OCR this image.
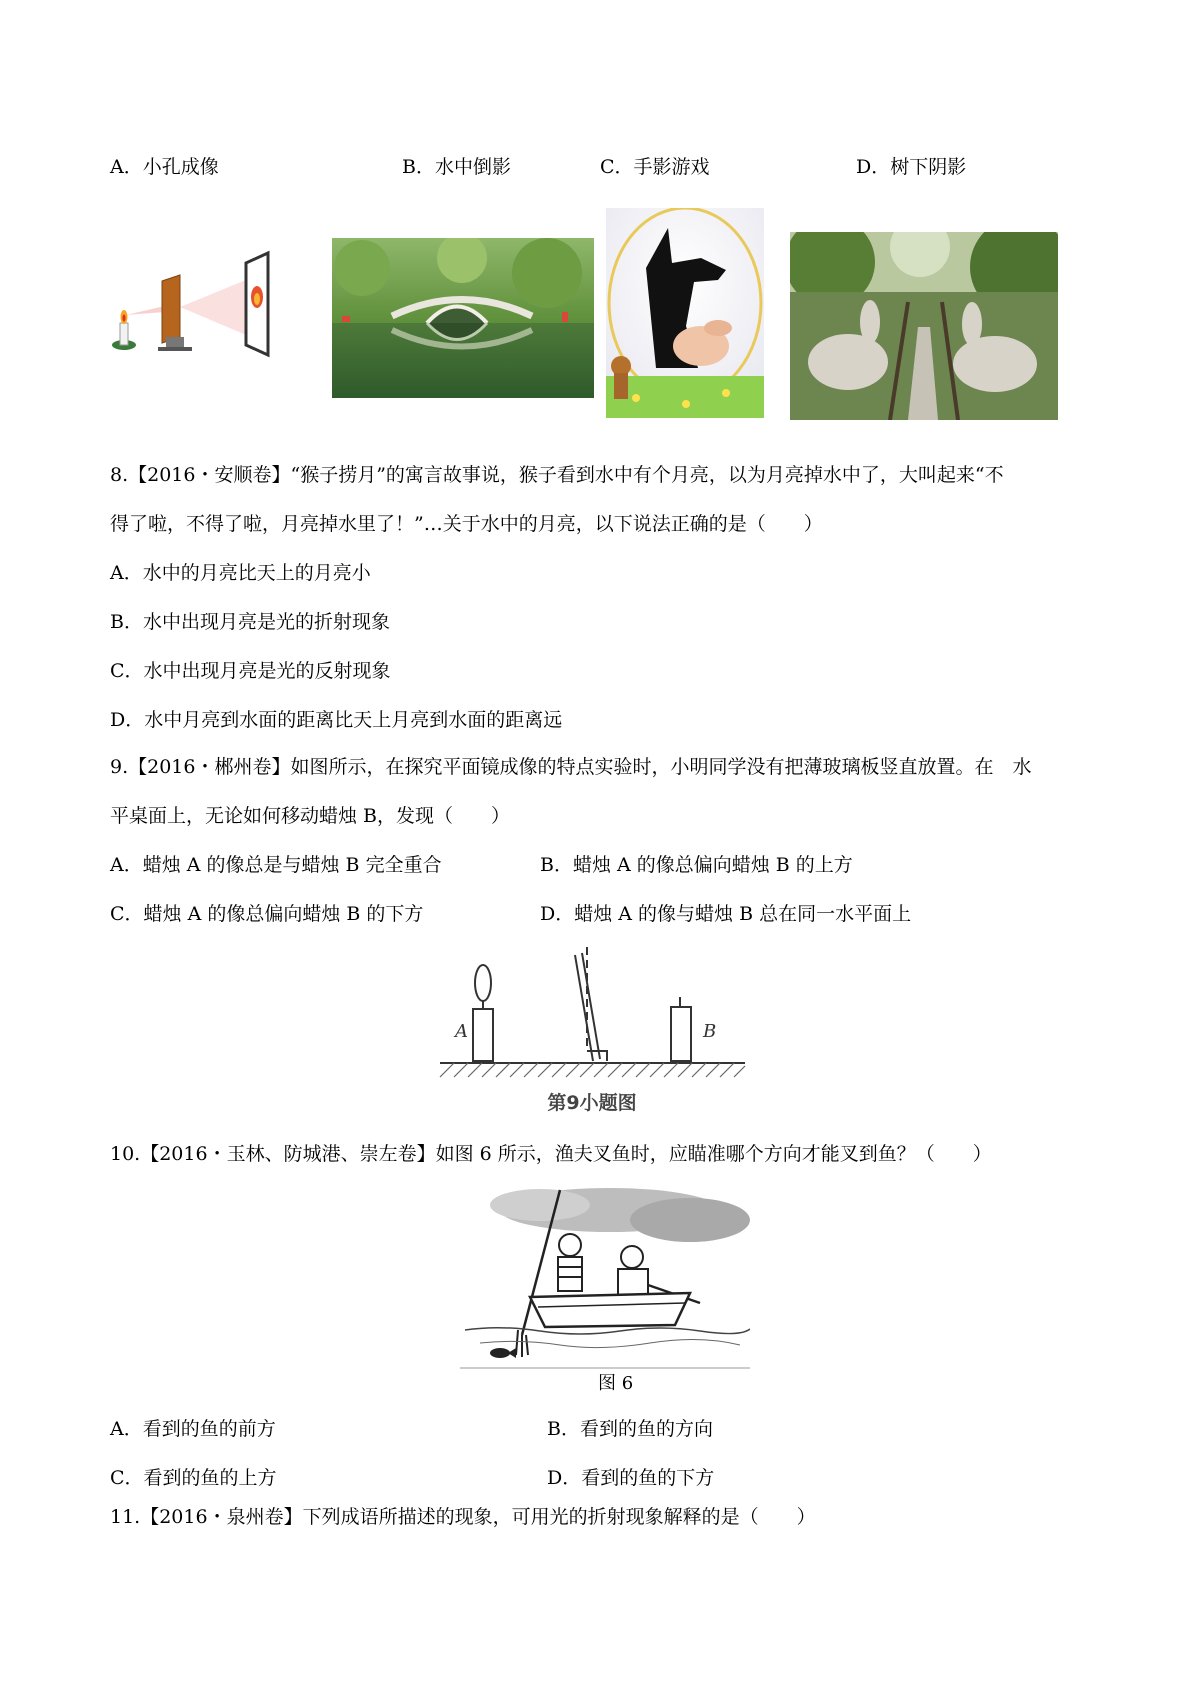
A．小孔成像	B．水中倒影	C．手影游戏	D．树下阴影
8.【2016・安顺卷】“猴子捞月”的寓言故事说，猴子看到水中有个月亮，以为月亮掉水中了，大叫起来“不
得了啦，不得了啦，月亮掉水里了！”…关于水中的月亮，以下说法正确的是（　　）
A．水中的月亮比天上的月亮小
B．水中出现月亮是光的折射现象
C．水中出现月亮是光的反射现象
D．水中月亮到水面的距离比天上月亮到水面的距离远
9.【2016・郴州卷】如图所示，在探究平面镜成像的特点实验时，小明同学没有把薄玻璃板竖直放置。在　水
平桌面上，无论如何移动蜡烛 B，发现（　　）
A．蜡烛 A 的像总是与蜡烛 B 完全重合	B．蜡烛 A 的像总偏向蜡烛 B 的上方
C．蜡烛 A 的像总偏向蜡烛 B 的下方	D．蜡烛 A 的像与蜡烛 B 总在同一水平面上
A	B
第9小题图
10.【2016・玉林、防城港、崇左卷】如图 6 所示，渔夫叉鱼时，应瞄准哪个方向才能叉到鱼？（　　）
图 6
A．看到的鱼的前方	B．看到的鱼的方向
C．看到的鱼的上方	D．看到的鱼的下方
11.【2016・泉州卷】下列成语所描述的现象，可用光的折射现象解释的是（　　）
